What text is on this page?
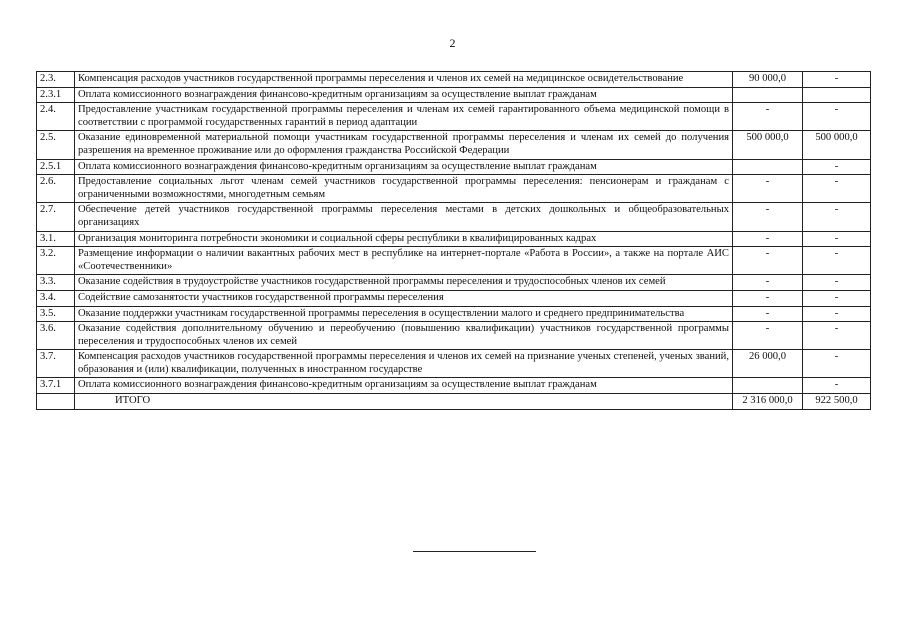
2
2.3.	Компенсация расходов участников государственной программы переселения и членов их семей на медицинское освидетельствование	90 000,0	-
2.3.1	Оплата комиссионного вознаграждения финансово-кредитным организациям за осуществление выплат гражданам		
2.4.	Предоставление участникам государственной программы переселения и членам их семей гарантированного объема медицинской помощи в соответствии с программой государственных гарантий в период адаптации	-	-
2.5.	Оказание единовременной материальной помощи участникам государственной программы переселения и членам их семей до получения разрешения на временное проживание или до оформления гражданства Российской Федерации	500 000,0	500 000,0
2.5.1	Оплата комиссионного вознаграждения финансово-кредитным организациям за осуществление выплат гражданам		-
2.6.	Предоставление социальных льгот членам семей участников государственной программы переселения: пенсионерам и гражданам с ограниченными возможностями, многодетным семьям	-	-
2.7.	Обеспечение детей участников государственной программы переселения местами в детских дошкольных и общеобразовательных организациях	-	-
3.1.	Организация мониторинга потребности экономики и социальной сферы республики в квалифицированных кадрах	-	-
3.2.	Размещение информации о наличии вакантных рабочих мест в республике на интернет-портале «Работа в России», а также на портале АИС «Соотечественники»	-	-
3.3.	Оказание содействия в трудоустройстве участников государственной программы переселения и трудоспособных членов их семей	-	-
3.4.	Содействие самозанятости участников государственной программы переселения	-	-
3.5.	Оказание поддержки участникам государственной программы переселения в осуществлении малого и среднего предпринимательства	-	-
3.6.	Оказание содействия дополнительному обучению и переобучению (повышению квалификации) участников государственной программы переселения и трудоспособных членов их семей	-	-
3.7.	Компенсация расходов участников государственной программы переселения и членов их семей на признание ученых степеней, ученых званий, образования и (или) квалификации, полученных в иностранном государстве	26 000,0	-
3.7.1	Оплата комиссионного вознаграждения финансово-кредитным организациям за осуществление выплат гражданам		-
	ИТОГО	2 316 000,0	922 500,0
